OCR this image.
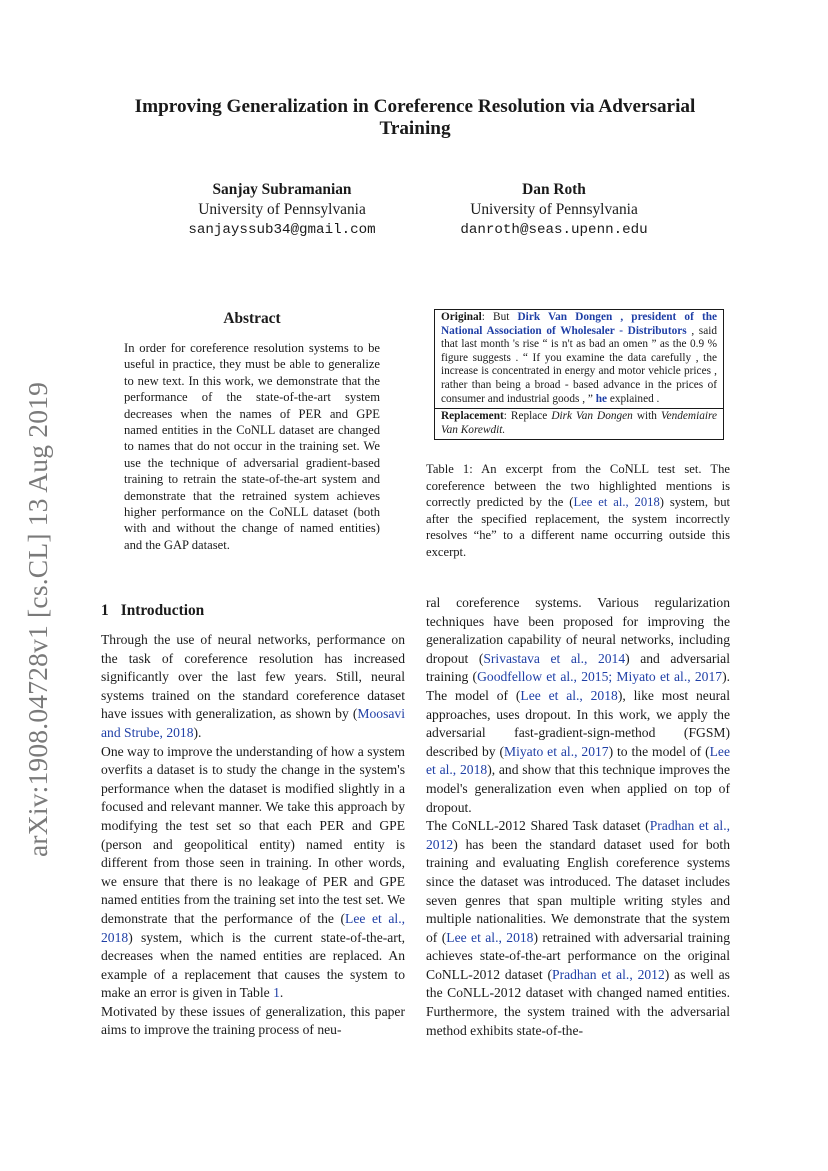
arXiv:1908.04728v1 [cs.CL] 13 Aug 2019
Improving Generalization in Coreference Resolution via Adversarial Training
Sanjay Subramanian
University of Pennsylvania
sanjayssub34@gmail.com
Dan Roth
University of Pennsylvania
danroth@seas.upenn.edu
Abstract

In order for coreference resolution systems to be useful in practice, they must be able to generalize to new text. In this work, we demonstrate that the performance of the state-of-the-art system decreases when the names of PER and GPE named entities in the CoNLL dataset are changed to names that do not occur in the training set. We use the technique of adversarial gradient-based training to retrain the state-of-the-art system and demonstrate that the retrained system achieves higher performance on the CoNLL dataset (both with and without the change of named entities) and the GAP dataset.

Original: But Dirk Van Dongen , president of the National Association of Wholesaler - Distributors , said that last month 's rise “ is n't as bad an omen ” as the 0.9 % figure suggests . “ If you examine the data carefully , the increase is concentrated in energy and motor vehicle prices , rather than being a broad - based advance in the prices of consumer and industrial goods , ” he explained .
Replacement: Replace Dirk Van Dongen with Vendemiaire Van Korewdit.

Table 1: An excerpt from the CoNLL test set. The coreference between the two highlighted mentions is correctly predicted by the (Lee et al., 2018) system, but after the specified replacement, the system incorrectly resolves “he” to a different name occurring outside this excerpt.

1 Introduction

Through the use of neural networks, performance on the task of coreference resolution has increased significantly over the last few years. Still, neural systems trained on the standard coreference dataset have issues with generalization, as shown by (Moosavi and Strube, 2018).

One way to improve the understanding of how a system overfits a dataset is to study the change in the system's performance when the dataset is modified slightly in a focused and relevant manner. We take this approach by modifying the test set so that each PER and GPE (person and geopolitical entity) named entity is different from those seen in training. In other words, we ensure that there is no leakage of PER and GPE named entities from the training set into the test set. We demonstrate that the performance of the (Lee et al., 2018) system, which is the current state-of-the-art, decreases when the named entities are replaced. An example of a replacement that causes the system to make an error is given in Table 1.

Motivated by these issues of generalization, this paper aims to improve the training process of neu-

ral coreference systems. Various regularization techniques have been proposed for improving the generalization capability of neural networks, including dropout (Srivastava et al., 2014) and adversarial training (Goodfellow et al., 2015; Miyato et al., 2017). The model of (Lee et al., 2018), like most neural approaches, uses dropout. In this work, we apply the adversarial fast-gradient-sign-method (FGSM) described by (Miyato et al., 2017) to the model of (Lee et al., 2018), and show that this technique improves the model's generalization even when applied on top of dropout.

The CoNLL-2012 Shared Task dataset (Pradhan et al., 2012) has been the standard dataset used for both training and evaluating English coreference systems since the dataset was introduced. The dataset includes seven genres that span multiple writing styles and multiple nationalities. We demonstrate that the system of (Lee et al., 2018) retrained with adversarial training achieves state-of-the-art performance on the original CoNLL-2012 dataset (Pradhan et al., 2012) as well as the CoNLL-2012 dataset with changed named entities. Furthermore, the system trained with the adversarial method exhibits state-of-the-
